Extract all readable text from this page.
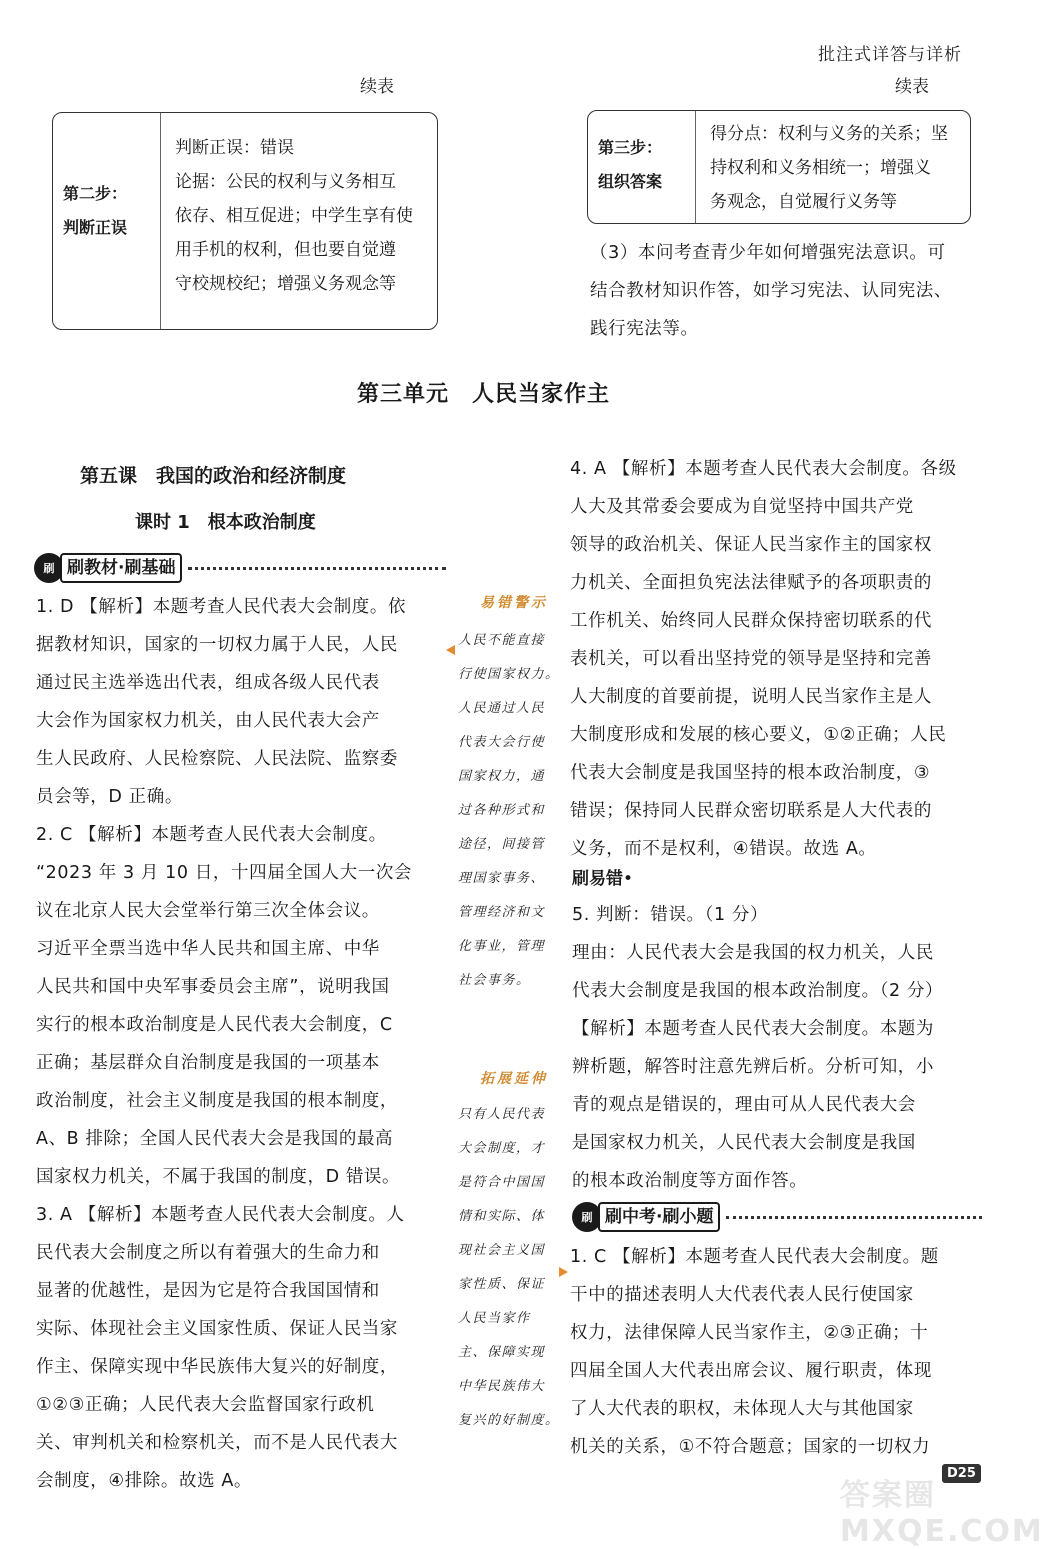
批注式详答与详析
续表	续表
第二步：
判断正误
判断正误：错误
论据：公民的权利与义务相互
依存、相互促进；中学生享有使
用手机的权利，但也要自觉遵
守校规校纪；增强义务观念等
第三步：
组织答案
得分点：权利与义务的关系；坚
持权利和义务相统一；增强义
务观念，自觉履行义务等
（3）本问考查青少年如何增强宪法意识。可
结合教材知识作答，如学习宪法、认同宪法、
践行宪法等。
第三单元　人民当家作主
第五课　我国的政治和经济制度
课时 1　根本政治制度
刷 刷教材·刷基础
1. D 【解析】本题考查人民代表大会制度。依
据教材知识，国家的一切权力属于人民，人民
通过民主选举选出代表，组成各级人民代表
大会作为国家权力机关，由人民代表大会产
生人民政府、人民检察院、人民法院、监察委
员会等，D 正确。
2. C 【解析】本题考查人民代表大会制度。
“2023 年 3 月 10 日，十四届全国人大一次会
议在北京人民大会堂举行第三次全体会议。
习近平全票当选中华人民共和国主席、中华
人民共和国中央军事委员会主席”，说明我国
实行的根本政治制度是人民代表大会制度，C
正确；基层群众自治制度是我国的一项基本
政治制度，社会主义制度是我国的根本制度，
A、B 排除；全国人民代表大会是我国的最高
国家权力机关，不属于我国的制度，D 错误。
3. A 【解析】本题考查人民代表大会制度。人
民代表大会制度之所以有着强大的生命力和
显著的优越性，是因为它是符合我国国情和
实际、体现社会主义国家性质、保证人民当家
作主、保障实现中华民族伟大复兴的好制度，
①②③正确；人民代表大会监督国家行政机
关、审判机关和检察机关，而不是人民代表大
会制度，④排除。故选 A。
易错警示
人民不能直接
行使国家权力。
人民通过人民
代表大会行使
国家权力，通
过各种形式和
途径，间接管
理国家事务、
管理经济和文
化事业，管理
社会事务。
拓展延伸
只有人民代表
大会制度，才
是符合中国国
情和实际、体
现社会主义国
家性质、保证
人民当家作
主、保障实现
中华民族伟大
复兴的好制度。
4. A 【解析】本题考查人民代表大会制度。各级
人大及其常委会要成为自觉坚持中国共产党
领导的政治机关、保证人民当家作主的国家权
力机关、全面担负宪法法律赋予的各项职责的
工作机关、始终同人民群众保持密切联系的代
表机关，可以看出坚持党的领导是坚持和完善
人大制度的首要前提，说明人民当家作主是人
大制度形成和发展的核心要义，①②正确；人民
代表大会制度是我国坚持的根本政治制度，③
错误；保持同人民群众密切联系是人大代表的
义务，而不是权利，④错误。故选 A。
刷易错•
5. 判断：错误。（1 分）
理由：人民代表大会是我国的权力机关，人民
代表大会制度是我国的根本政治制度。（2 分）
【解析】本题考查人民代表大会制度。本题为
辨析题，解答时注意先辨后析。分析可知，小
青的观点是错误的，理由可从人民代表大会
是国家权力机关，人民代表大会制度是我国
的根本政治制度等方面作答。
刷 刷中考·刷小题
1. C 【解析】本题考查人民代表大会制度。题
干中的描述表明人大代表代表人民行使国家
权力，法律保障人民当家作主，②③正确；十
四届全国人大代表出席会议、履行职责，体现
了人大代表的职权，未体现人大与其他国家
机关的关系，①不符合题意；国家的一切权力
答案圈 MXQE.COM
D25
